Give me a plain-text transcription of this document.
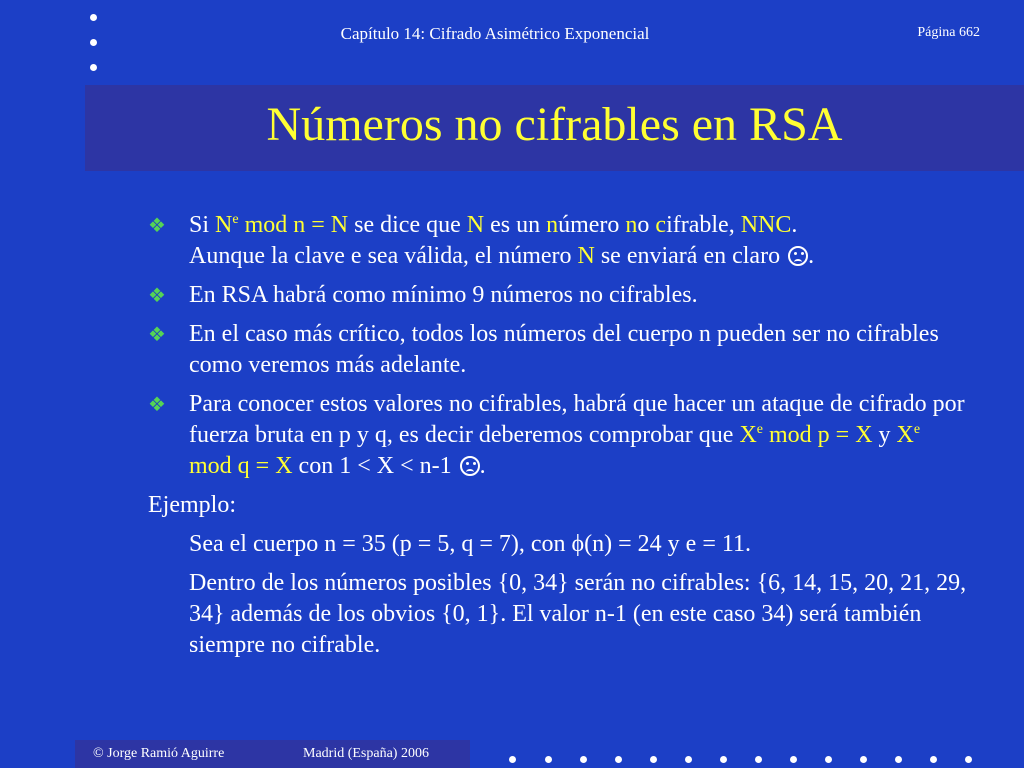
Capítulo 14: Cifrado Asimétrico Exponencial	Página 662
Números no cifrables en RSA
❖ Si $N^e$ mod n = N se dice que N es un número no cifrable, NNC.
Aunque la clave e sea válida, el número N se enviará en claro .
❖ En RSA habrá como mínimo 9 números no cifrables.
❖ En el caso más crítico, todos los números del cuerpo n pueden ser no cifrables como veremos más adelante.
❖ Para conocer estos valores no cifrables, habrá que hacer un ataque de cifrado por fuerza bruta en p y q, es decir deberemos comprobar que Xe mod p = X y Xe mod q = X con 1 < X < n-1 .
Ejemplo:
Sea el cuerpo n = 35 (p = 5, q = 7), con ϕ(n) = 24 y e = 11.
Dentro de los números posibles {0, 34} serán no cifrables: {6, 14, 15, 20, 21, 29, 34} además de los obvios {0, 1}. El valor n-1 (en este caso 34) será también siempre no cifrable.
© Jorge Ramió Aguirre	Madrid (España) 2006
